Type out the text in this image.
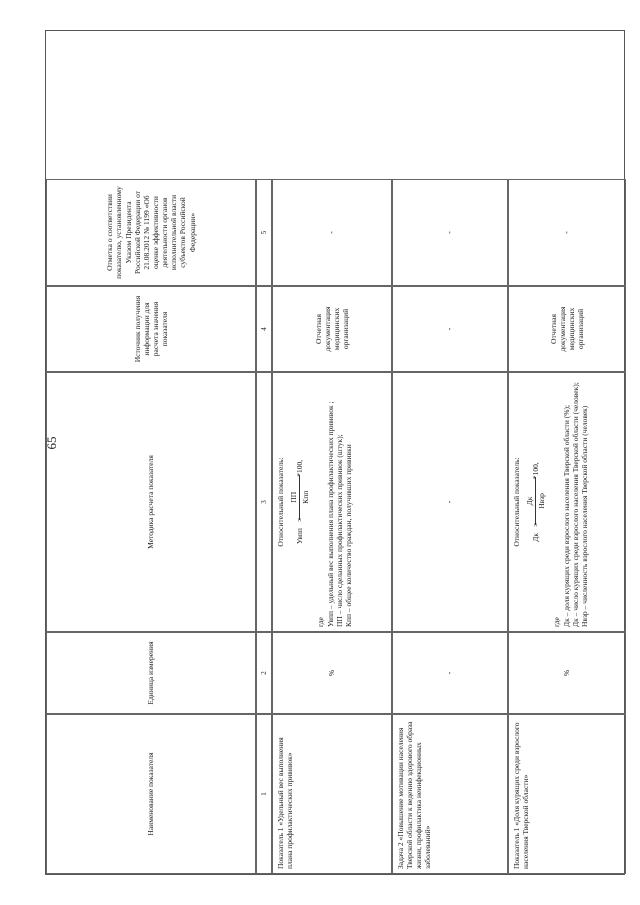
65
Наименование показателя
Единица измерения
Методика расчета показателя
Источник получения информации для расчета значения показателя
Отметка о соответствии показателю, установленному Указом Президента Российской Федерации от 21.08.2012 № 1199 «Об оценке эффективности деятельности органов исполнительной власти субъектов Российской Федерации»
1
2
3
4
5
Показатель 1 «Удельный вес выполнения плана профилактических прививок»
%
Относительный показатель: Увпп
=
ПП Кпп
*100,
где Увпп – удельный вес выполнения плана профилактических прививок ; ПП – число сделанных профилактических прививок (штук); Кпп – общее количество граждан, получивших прививки
Отчетная документация медицинских организаций
-
Задача 2 «Повышение мотивации населения Тверской области к ведению здорового образа жизни, профилактика неинфекционных заболеваний»
-
-
-
-
Показатель 1 «Доля курящих среди взрослого населения Тверской области»
%
Относительный показатель: Дк
=
Дк Нвзр
*100,
где Дк – доля курящих среди взрослого населения Тверской области (%); Дк – число курящих среди взрослого населения Тверской области (человек); Нвзр – численность взрослого населения Тверской области (человек)
Отчетная документация медицинских организаций
-
